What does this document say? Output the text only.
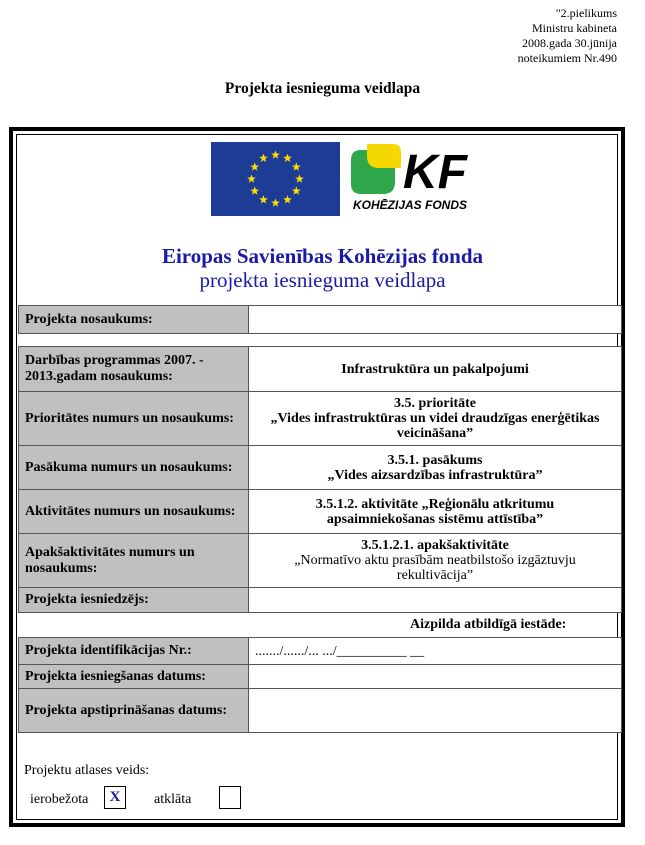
"2.pielikums
Ministru kabineta
2008.gada 30.jūnija
noteikumiem Nr.490
Projekta iesnieguma veidlapa
KF
KOHĒZIJAS FONDS
Eiropas Savienības Kohēzijas fonda
projekta iesnieguma veidlapa
Projekta nosaukums:	
Darbības programmas 2007. - 2013.gadam nosaukums:	Infrastruktūra un pakalpojumi

Prioritātes numurs un nosaukums:	3.5. prioritāte
„Vides infrastruktūras un videi draudzīgas enerģētikas
veicināšana”

Pasākuma numurs un nosaukums:	3.5.1. pasākums
„Vides aizsardzības infrastruktūra”

Aktivitātes numurs un nosaukums:	3.5.1.2. aktivitāte „Reģionālu atkritumu
apsaimniekošanas sistēmu attīstība”

Apakšaktivitātes numurs un nosaukums:	3.5.1.2.1. apakšaktivitāte
„Normatīvo aktu prasībām neatbilstošo izgāztuvju
rekultivācija”

Projekta iesniedzējs:	
Aizpilda atbildīgā iestāde:
Projekta identifikācijas Nr.:	......./....../... .../__________ __
Projekta iesniegšanas datums:	
Projekta apstiprināšanas datums:	
Projektu atlases veids:
ierobežota	X	atklāta
